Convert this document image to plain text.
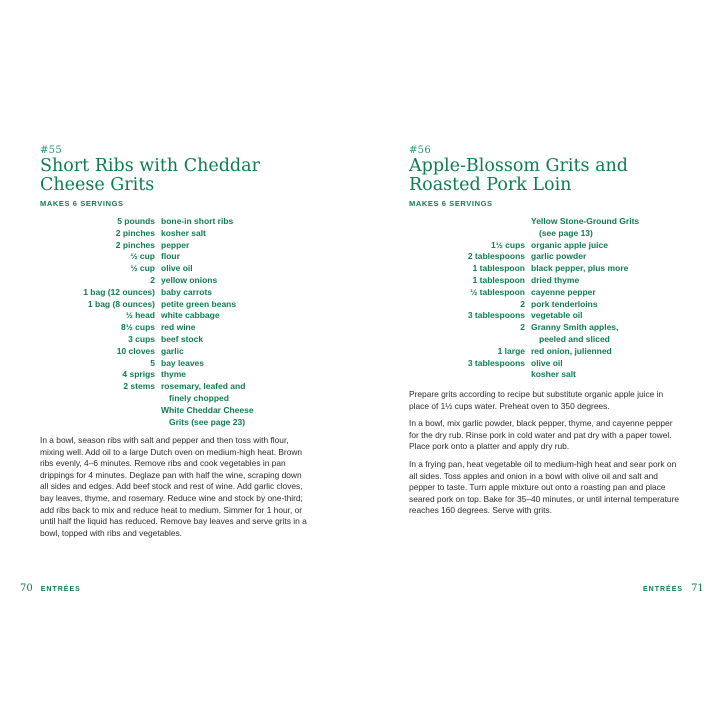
#55
Short Ribs with Cheddar
Cheese Grits
MAKES 6 SERVINGS
5 pounds bone-in short ribs
2 pinches kosher salt
2 pinches pepper
½ cup flour
½ cup olive oil
2 yellow onions
1 bag (12 ounces) baby carrots
1 bag (8 ounces) petite green beans
½ head white cabbage
8½ cups red wine
3 cups beef stock
10 cloves garlic
5 bay leaves
4 sprigs thyme
2 stems rosemary, leafed and
finely chopped
White Cheddar Cheese
Grits (see page 23)

In a bowl, season ribs with salt and pepper and then toss with flour, mixing well. Add oil to a large Dutch oven on medium-high heat. Brown ribs evenly, 4–6 minutes. Remove ribs and cook vegetables in pan drippings for 4 minutes. Deglaze pan with half the wine, scraping down all sides and edges. Add beef stock and rest of wine. Add garlic cloves, bay leaves, thyme, and rosemary. Reduce wine and stock by one-third; add ribs back to mix and reduce heat to medium. Simmer for 1 hour, or until half the liquid has reduced. Remove bay leaves and serve grits in a bowl, topped with ribs and vegetables.

70 ENTRÉES
#56
Apple-Blossom Grits and
Roasted Pork Loin
MAKES 6 SERVINGS
Yellow Stone-Ground Grits
(see page 13)
1½ cups organic apple juice
2 tablespoons garlic powder
1 tablespoon black pepper, plus more
1 tablespoon dried thyme
½ tablespoon cayenne pepper
2 pork tenderloins
3 tablespoons vegetable oil
2 Granny Smith apples,
peeled and sliced
1 large red onion, julienned
3 tablespoons olive oil
kosher salt

Prepare grits according to recipe but substitute organic apple juice in place of 1½ cups water. Preheat oven to 350 degrees.

In a bowl, mix garlic powder, black pepper, thyme, and cayenne pepper for the dry rub. Rinse pork in cold water and pat dry with a paper towel. Place pork onto a platter and apply dry rub.

In a frying pan, heat vegetable oil to medium-high heat and sear pork on all sides. Toss apples and onion in a bowl with olive oil and salt and pepper to taste. Turn apple mixture out onto a roasting pan and place seared pork on top. Bake for 35–40 minutes, or until internal temperature reaches 160 degrees. Serve with grits.

ENTRÉES 71
